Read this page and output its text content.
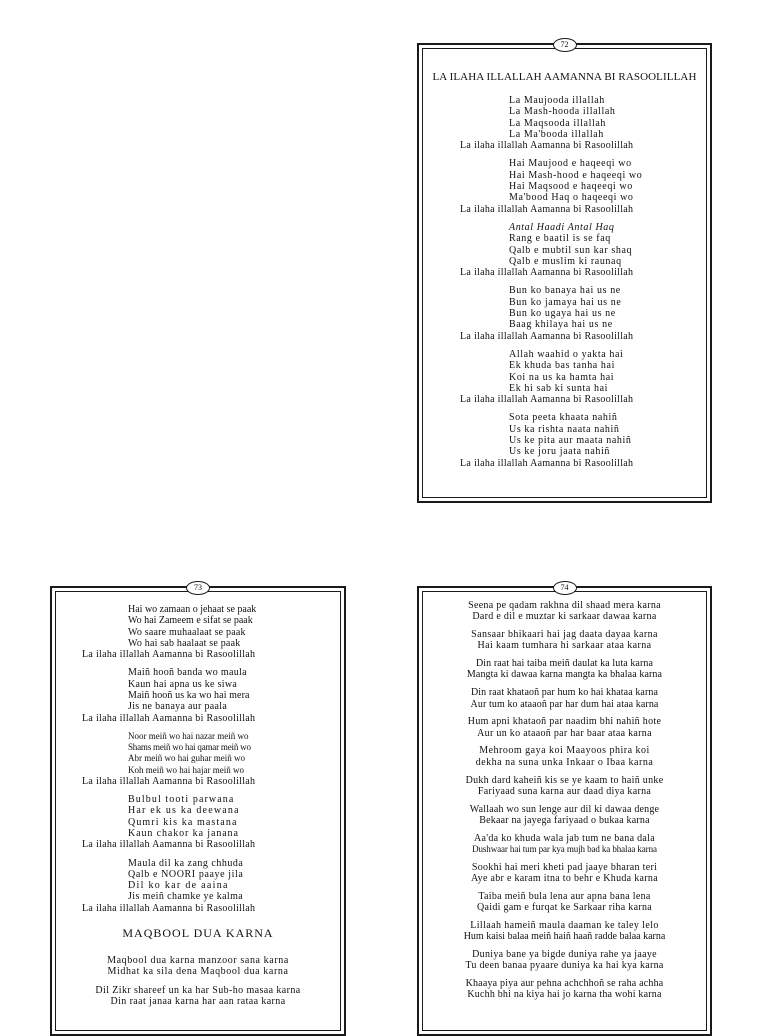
72
LA ILAHA ILLALLAH AAMANNA BI RASOOLILLAH
La Maujooda illallah
La Mash-hooda illallah
La Maqsooda illallah
La Ma'booda illallah
La ilaha illallah Aamanna bi Rasoolillah
Hai Maujood e haqeeqi wo
Hai Mash-hood e haqeeqi wo
Hai Maqsood e haqeeqi wo
Ma'bood Haq o haqeeqi wo
La ilaha illallah Aamanna bi Rasoolillah
Antal Haadi Antal Haq
Rang e baatil is se faq
Qalb e mubtil sun kar shaq
Qalb e muslim ki raunaq
La ilaha illallah Aamanna bi Rasoolillah
Bun ko banaya hai us ne
Bun ko jamaya hai us ne
Bun ko ugaya hai us ne
Baag khilaya hai us ne
La ilaha illallah Aamanna bi Rasoolillah
Allah waahid o yakta hai
Ek khuda bas tanha hai
Koi na us ka hamta hai
Ek hi sab ki sunta hai
La ilaha illallah Aamanna bi Rasoolillah
Sota peeta khaata nahiñ
Us ka rishta naata nahiñ
Us ke pita aur maata nahiñ
Us ke joru jaata nahiñ
La ilaha illallah Aamanna bi Rasoolillah
73
Hai wo zamaan o jehaat se paak
Wo hai Zameem e sifat se paak
Wo saare muhaalaat se paak
Wo hai sab haalaat se paak
La ilaha illallah Aamanna bi Rasoolillah
Maiñ hooñ banda wo maula
Kaun hai apna us ke siwa
Maiñ hooñ us ka wo hai mera
Jis ne banaya aur paala
La ilaha illallah Aamanna bi Rasoolillah
Noor meiñ wo hai nazar meiñ wo
Shams meiñ wo hai qamar meiñ wo
Abr meiñ wo hai guhar meiñ wo
Koh meiñ wo hai hajar meiñ wo
La ilaha illallah Aamanna bi Rasoolillah
Bulbul tooti parwana
Har ek us ka deewana
Qumri kis ka mastana
Kaun chakor ka janana
La ilaha illallah Aamanna bi Rasoolillah
Maula dil ka zang chhuda
Qalb e NOORI paaye jila
Dil ko kar de aaina
Jis meiñ chamke ye kalma
La ilaha illallah Aamanna bi Rasoolillah
MAQBOOL DUA KARNA
Maqbool dua karna manzoor sana karna
Midhat ka sila dena Maqbool dua karna
Dil Zikr shareef un ka har Sub-ho masaa karna
Din raat janaa karna har aan rataa karna
74
Seena pe qadam rakhna dil shaad mera karna
Dard e dil e muztar ki sarkaar dawaa karna
Sansaar bhikaari hai jag daata dayaa karna
Hai kaam tumhara hi sarkaar ataa karna
Din raat hai taiba meiñ daulat ka luta karna
Mangta ki dawaa karna mangta ka bhalaa karna
Din raat khataoñ par hum ko hai khataa karna
Aur tum ko ataaoñ par har dum hai ataa karna
Hum apni khataoñ par naadim bhi nahiñ hote
Aur un ko ataaoñ par har baar ataa karna
Mehroom gaya koi Maayoos phira koi
dekha na suna unka Inkaar o Ibaa karna
Dukh dard kaheiñ kis se ye kaam to haiñ unke
Fariyaad suna karna aur daad diya karna
Wallaah wo sun lenge aur dil ki dawaa denge
Bekaar na jayega fariyaad o bukaa karna
Aa'da ko khuda wala jab tum ne bana dala
Dushwaar hai tum par kya mujh bad ka bhalaa karna
Sookhi hai meri kheti pad jaaye bharan teri
Aye abr e karam itna to behr e Khuda karna
Taiba meiñ bula lena aur apna bana lena
Qaidi gam e furqat ke Sarkaar riha karna
Lillaah hameiñ maula daaman ke taley lelo
Hum kaisi balaa meiñ haiñ haañ radde balaa karna
Duniya bane ya bigde duniya rahe ya jaaye
Tu deen banaa pyaare duniya ka hai kya karna
Khaaya piya aur pehna achchhoñ se raha achha
Kuchh bhi na kiya hai jo karna tha wohi karna
